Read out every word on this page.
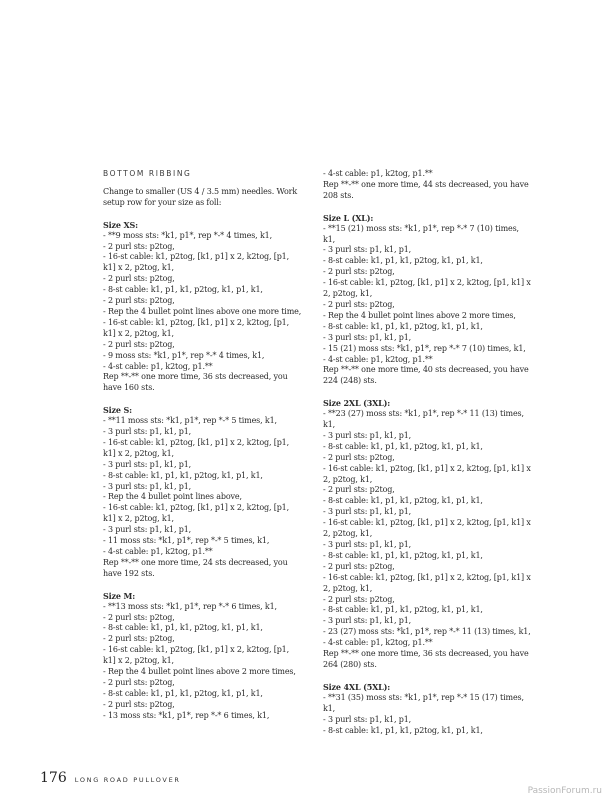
BOTTOM RIBBING
Change to smaller (US 4 / 3.5 mm) needles. Work setup row for your size as foll:
Size XS:
- **9 moss sts: *k1, p1*, rep *-* 4 times, k1,
- 2 purl sts: p2tog,
- 16-st cable: k1, p2tog, [k1, p1] x 2, k2tog, [p1, k1] x 2, p2tog, k1,
- 2 purl sts: p2tog,
- 8-st cable: k1, p1, k1, p2tog, k1, p1, k1,
- 2 purl sts: p2tog,
- Rep the 4 bullet point lines above one more time,
- 16-st cable: k1, p2tog, [k1, p1] x 2, k2tog, [p1, k1] x 2, p2tog, k1,
- 2 purl sts: p2tog,
- 9 moss sts: *k1, p1*, rep *-* 4 times, k1,
- 4-st cable: p1, k2tog, p1.**
Rep **-** one more time, 36 sts decreased, you have 160 sts.
Size S:
- **11 moss sts: *k1, p1*, rep *-* 5 times, k1,
- 3 purl sts: p1, k1, p1,
- 16-st cable: k1, p2tog, [k1, p1] x 2, k2tog, [p1, k1] x 2, p2tog, k1,
- 3 purl sts: p1, k1, p1,
- 8-st cable: k1, p1, k1, p2tog, k1, p1, k1,
- 3 purl sts: p1, k1, p1,
- Rep the 4 bullet point lines above,
- 16-st cable: k1, p2tog, [k1, p1] x 2, k2tog, [p1, k1] x 2, p2tog, k1,
- 3 purl sts: p1, k1, p1,
- 11 moss sts: *k1, p1*, rep *-* 5 times, k1,
- 4-st cable: p1, k2tog, p1.**
Rep **-** one more time, 24 sts decreased, you have 192 sts.
Size M:
- **13 moss sts: *k1, p1*, rep *-* 6 times, k1,
- 2 purl sts: p2tog,
- 8-st cable: k1, p1, k1, p2tog, k1, p1, k1,
- 2 purl sts: p2tog,
- 16-st cable: k1, p2tog, [k1, p1] x 2, k2tog, [p1, k1] x 2, p2tog, k1,
- Rep the 4 bullet point lines above 2 more times,
- 2 purl sts: p2tog,
- 8-st cable: k1, p1, k1, p2tog, k1, p1, k1,
- 2 purl sts: p2tog,
- 13 moss sts: *k1, p1*, rep *-* 6 times, k1,
- 4-st cable: p1, k2tog, p1.**
Rep **-** one more time, 44 sts decreased, you have 208 sts.
Size L (XL):
- **15 (21) moss sts: *k1, p1*, rep *-* 7 (10) times, k1,
- 3 purl sts: p1, k1, p1,
- 8-st cable: k1, p1, k1, p2tog, k1, p1, k1,
- 2 purl sts: p2tog,
- 16-st cable: k1, p2tog, [k1, p1] x 2, k2tog, [p1, k1] x 2, p2tog, k1,
- 2 purl sts: p2tog,
- Rep the 4 bullet point lines above 2 more times,
- 8-st cable: k1, p1, k1, p2tog, k1, p1, k1,
- 3 purl sts: p1, k1, p1,
- 15 (21) moss sts: *k1, p1*, rep *-* 7 (10) times, k1,
- 4-st cable: p1, k2tog, p1.**
Rep **-** one more time, 40 sts decreased, you have 224 (248) sts.
Size 2XL (3XL):
- **23 (27) moss sts: *k1, p1*, rep *-* 11 (13) times, k1,
- 3 purl sts: p1, k1, p1,
- 8-st cable: k1, p1, k1, p2tog, k1, p1, k1,
- 2 purl sts: p2tog,
- 16-st cable: k1, p2tog, [k1, p1] x 2, k2tog, [p1, k1] x 2, p2tog, k1,
- 2 purl sts: p2tog,
- 8-st cable: k1, p1, k1, p2tog, k1, p1, k1,
- 3 purl sts: p1, k1, p1,
- 16-st cable: k1, p2tog, [k1, p1] x 2, k2tog, [p1, k1] x 2, p2tog, k1,
- 3 purl sts: p1, k1, p1,
- 8-st cable: k1, p1, k1, p2tog, k1, p1, k1,
- 2 purl sts: p2tog,
- 16-st cable: k1, p2tog, [k1, p1] x 2, k2tog, [p1, k1] x 2, p2tog, k1,
- 2 purl sts: p2tog,
- 8-st cable: k1, p1, k1, p2tog, k1, p1, k1,
- 3 purl sts: p1, k1, p1,
- 23 (27) moss sts: *k1, p1*, rep *-* 11 (13) times, k1,
- 4-st cable: p1, k2tog, p1.**
Rep **-** one more time, 36 sts decreased, you have 264 (280) sts.
Size 4XL (5XL):
- **31 (35) moss sts: *k1, p1*, rep *-* 15 (17) times, k1,
- 3 purl sts: p1, k1, p1,
- 8-st cable: k1, p1, k1, p2tog, k1, p1, k1,
176 LONG ROAD PULLOVER
PassionForum.ru
